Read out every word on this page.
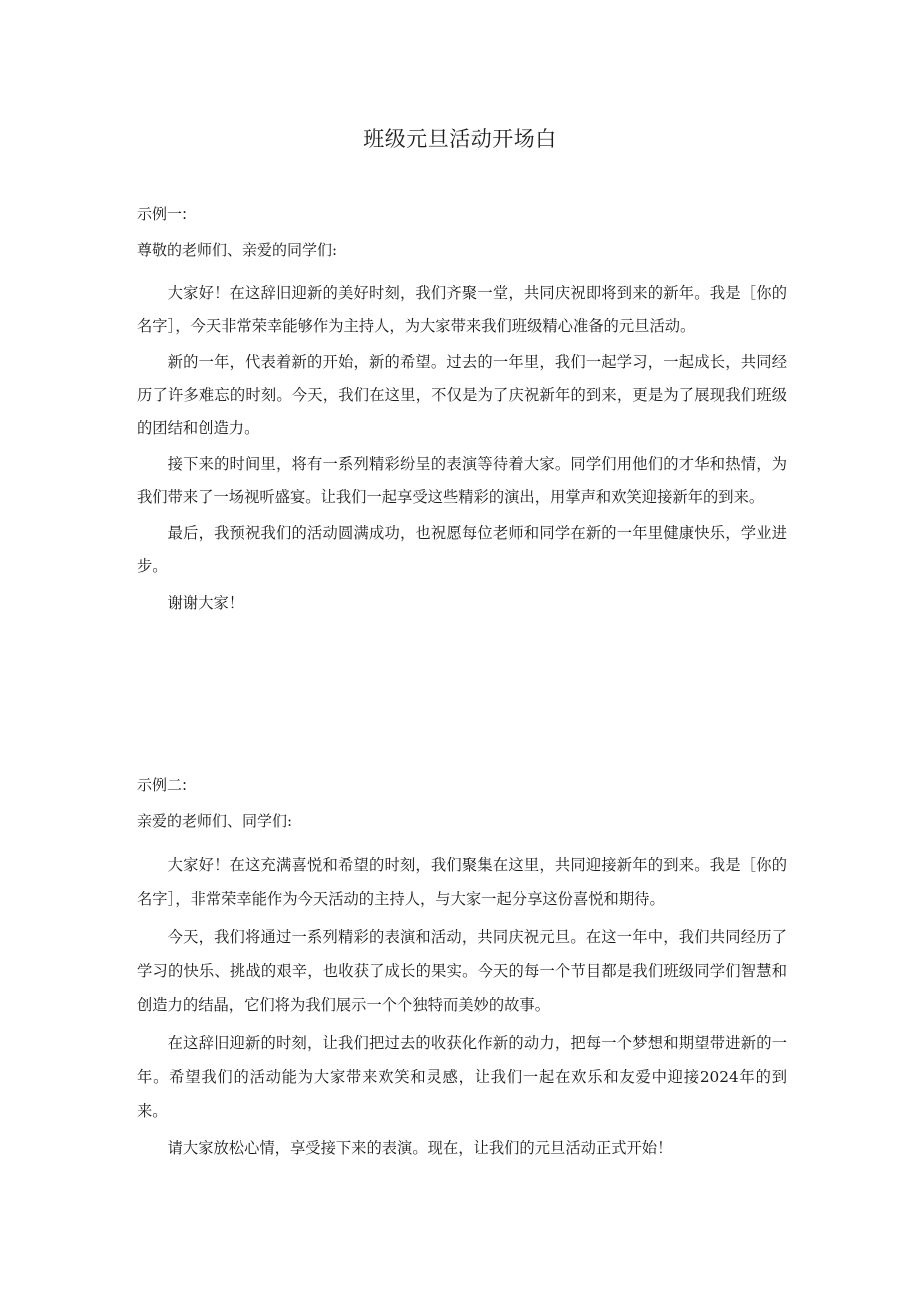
班级元旦活动开场白
示例一:
尊敬的老师们、亲爱的同学们:

大家好！在这辞旧迎新的美好时刻，我们齐聚一堂，共同庆祝即将到来的新年。我是［你的名字］，今天非常荣幸能够作为主持人，为大家带来我们班级精心准备的元旦活动。

新的一年，代表着新的开始，新的希望。过去的一年里，我们一起学习，一起成长，共同经历了许多难忘的时刻。今天，我们在这里，不仅是为了庆祝新年的到来，更是为了展现我们班级的团结和创造力。

接下来的时间里，将有一系列精彩纷呈的表演等待着大家。同学们用他们的才华和热情，为我们带来了一场视听盛宴。让我们一起享受这些精彩的演出，用掌声和欢笑迎接新年的到来。

最后，我预祝我们的活动圆满成功，也祝愿每位老师和同学在新的一年里健康快乐，学业进步。

谢谢大家！

示例二:
亲爱的老师们、同学们:

大家好！在这充满喜悦和希望的时刻，我们聚集在这里，共同迎接新年的到来。我是［你的名字］，非常荣幸能作为今天活动的主持人，与大家一起分享这份喜悦和期待。

今天，我们将通过一系列精彩的表演和活动，共同庆祝元旦。在这一年中，我们共同经历了学习的快乐、挑战的艰辛，也收获了成长的果实。今天的每一个节目都是我们班级同学们智慧和创造力的结晶，它们将为我们展示一个个独特而美妙的故事。

在这辞旧迎新的时刻，让我们把过去的收获化作新的动力，把每一个梦想和期望带进新的一年。希望我们的活动能为大家带来欢笑和灵感，让我们一起在欢乐和友爱中迎接2024年的到来。

请大家放松心情，享受接下来的表演。现在，让我们的元旦活动正式开始！
